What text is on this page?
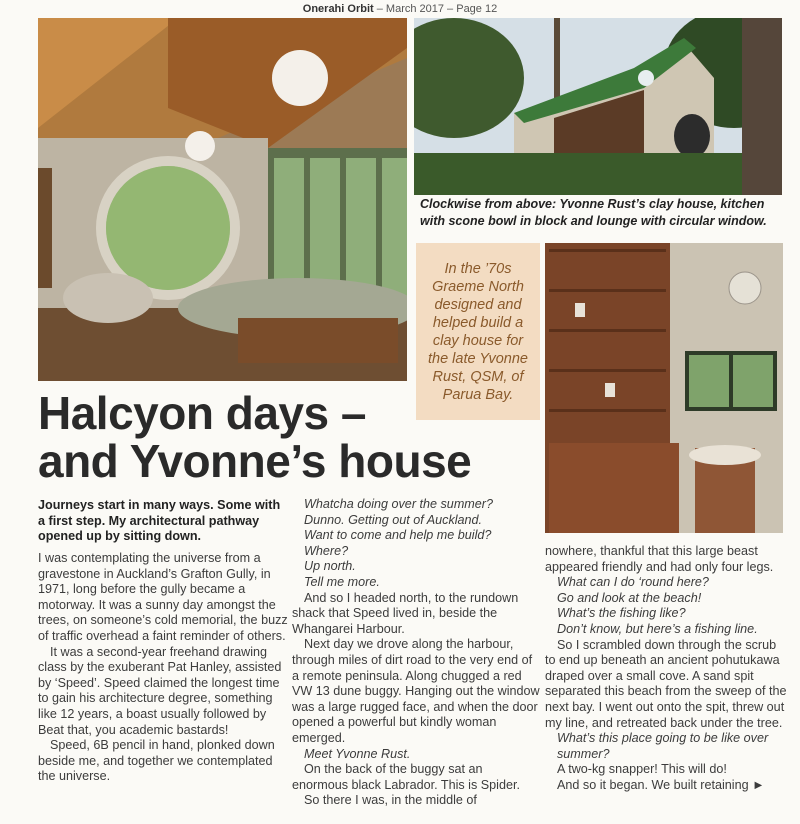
Onerahi Orbit – March 2017 – Page 12
Clockwise from above: Yvonne Rust’s clay house, kitchen with scone bowl in block and lounge with circular window.
In the ’70s Graeme North designed and helped build a clay house for the late Yvonne Rust, QSM, of Parua Bay.
Halcyon days –
and Yvonne’s house
Journeys start in many ways. Some with a first step. My architectural pathway opened up by sitting down.

I was contemplating the universe from a gravestone in Auckland’s Grafton Gully, in 1971, long before the gully became a motorway. It was a sunny day amongst the trees, on someone’s cold memorial, the buzz of traffic overhead a faint reminder of others.

It was a second-year freehand drawing class by the exuberant Pat Hanley, assisted by ‘Speed’. Speed claimed the longest time to gain his architecture degree, something like 12 years, a boast usually followed by Beat that, you academic bastards!

Speed, 6B pencil in hand, plonked down beside me, and together we contemplated the universe.

Whatcha doing over the summer?

Dunno. Getting out of Auckland.

Want to come and help me build?

Where?

Up north.

Tell me more.

And so I headed north, to the rundown shack that Speed lived in, beside the Whangarei Harbour.

Next day we drove along the harbour, through miles of dirt road to the very end of a remote peninsula. Along chugged a red VW 13 dune buggy. Hanging out the window was a large rugged face, and when the door opened a powerful but kindly woman emerged.

Meet Yvonne Rust.

On the back of the buggy sat an enormous black Labrador. This is Spider.

So there I was, in the middle of

nowhere, thankful that this large beast appeared friendly and had only four legs.

What can I do ‘round here?

Go and look at the beach!

What’s the fishing like?

Don’t know, but here’s a fishing line.

So I scrambled down through the scrub to end up beneath an ancient pohutukawa draped over a small cove. A sand spit separated this beach from the sweep of the next bay. I went out onto the spit, threw out my line, and retreated back under the tree.

What’s this place going to be like over summer?

A two-kg snapper! This will do!

And so it began. We built retaining ►
